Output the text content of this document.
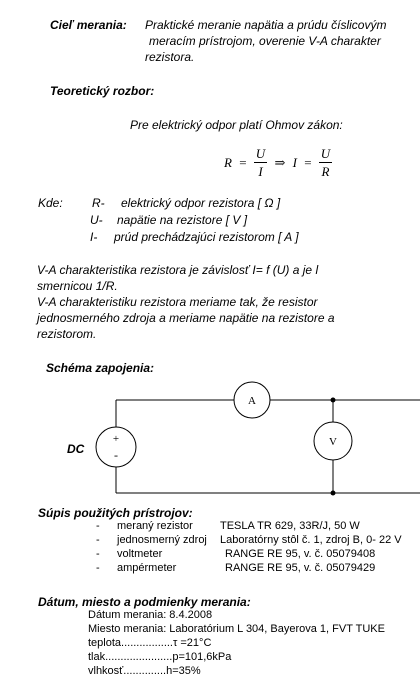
Cieľ merania: Praktické meranie napätia a prúdu číslicovým
meracím prístrojom, overenie V-A charakter
rezistora.
Teoretický rozbor:
Pre elektrický odpor platí Ohmov zákon:
$R = \frac{U}{I}$ ⇒ $I = \frac{U}{R}$
Kde: R- elektrický odpor rezistora [ Ω ]
U- napätie na rezistore [ V ]
I- prúd prechádzajúci rezistorom [ A ]
V-A charakteristika rezistora je závislosť I= f (U) a je l
smernicou 1/R.
V-A charakteristiku rezistora meriame tak, že resistor
jednosmerného zdroja a meriame napätie na rezistore a
rezistorom.
Schéma zapojenia:
DC
+
-
A
V
Súpis použitých prístrojov:
- meraný rezistor TESLA TR 629, 33R/J, 50 W
- jednosmerný zdroj Laboratórny stôl č. 1, zdroj B, 0- 22 V
- voltmeter	RANGE RE 95, v. č. 05079408
- ampérmeter	RANGE RE 95, v. č. 05079429
Dátum, miesto a podmienky merania:
Dátum merania: 8.4.2008
Miesto merania: Laboratórium L 304, Bayerova 1, FVT TUKE
teplota.................τ =21°C
tlak......................p=101,6kPa
vlhkosť..............h=35%
